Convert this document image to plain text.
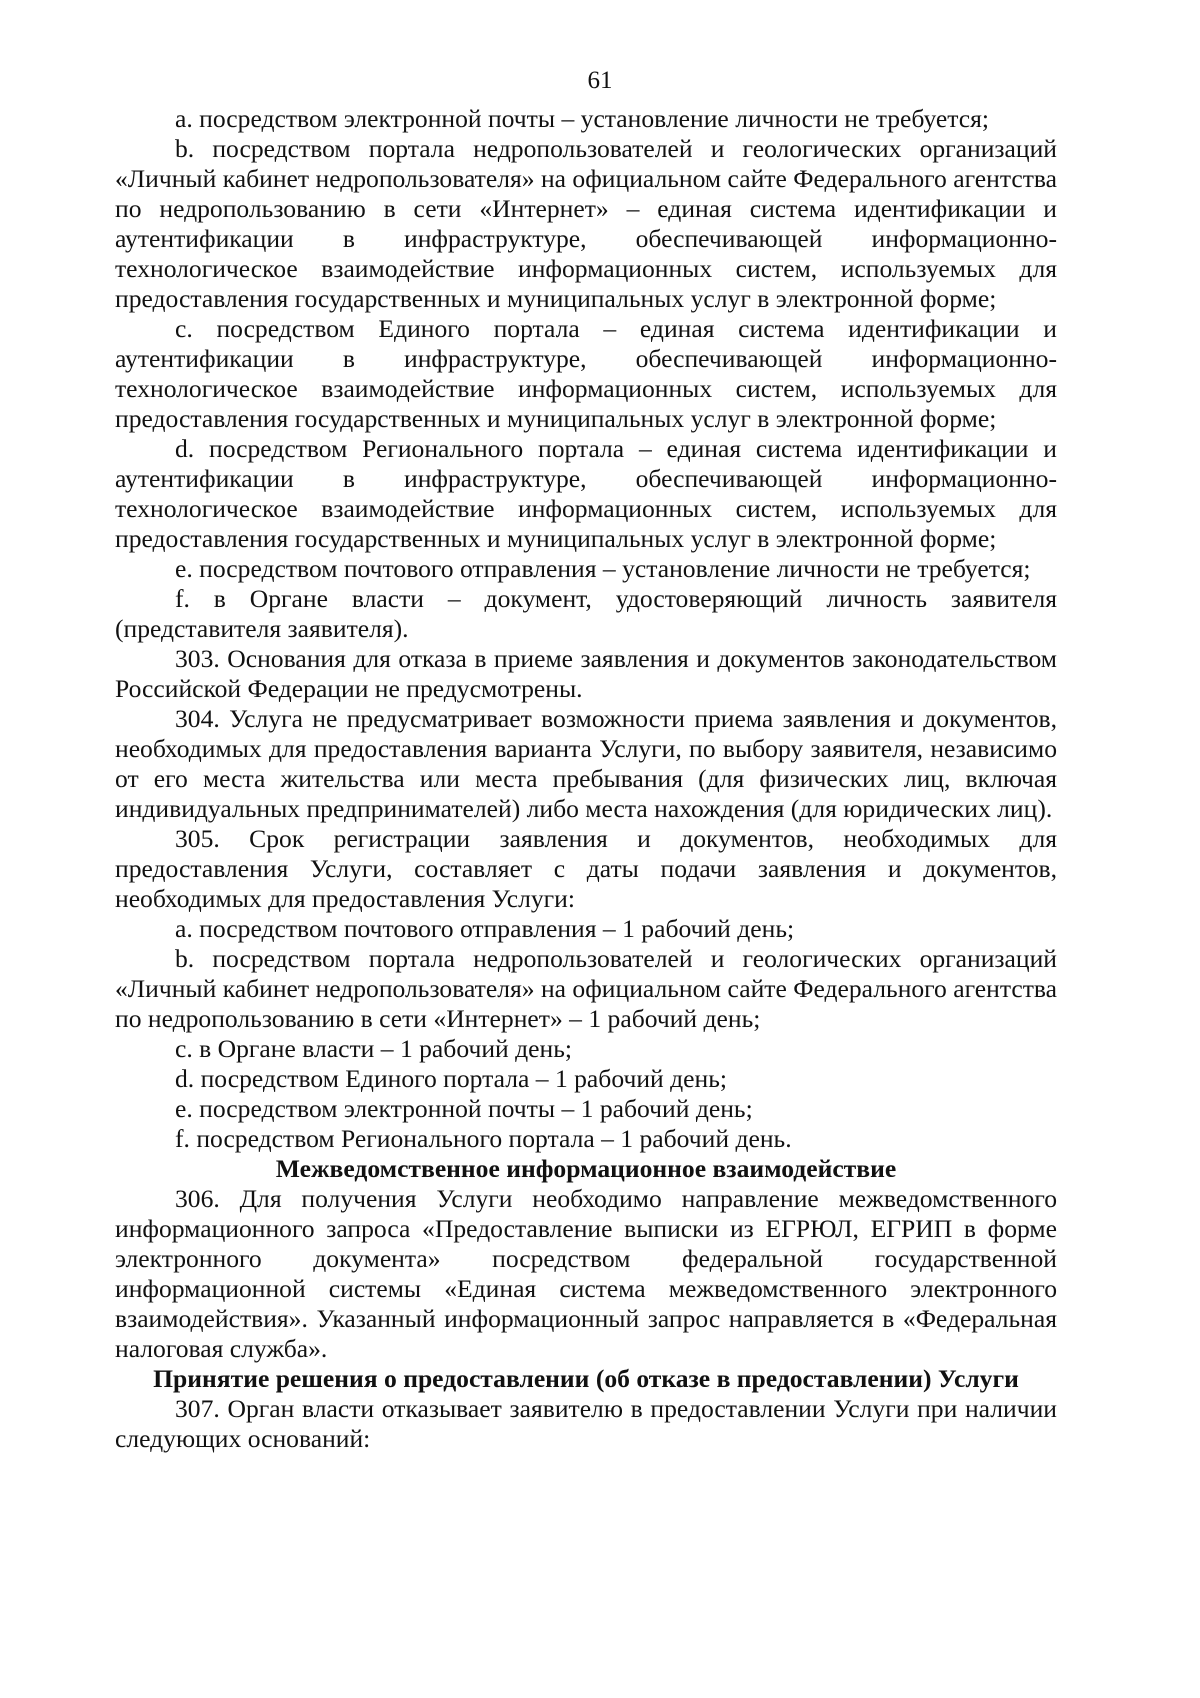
61

a. посредством электронной почты – установление личности не требуется;

b. посредством портала недропользователей и геологических организаций «Личный кабинет недропользователя» на официальном сайте Федерального агентства по недропользованию в сети «Интернет» – единая система идентификации и аутентификации в инфраструктуре, обеспечивающей информационно-технологическое взаимодействие информационных систем, используемых для предоставления государственных и муниципальных услуг в электронной форме;

c. посредством Единого портала – единая система идентификации и аутентификации в инфраструктуре, обеспечивающей информационно-технологическое взаимодействие информационных систем, используемых для предоставления государственных и муниципальных услуг в электронной форме;

d. посредством Регионального портала – единая система идентификации и аутентификации в инфраструктуре, обеспечивающей информационно-технологическое взаимодействие информационных систем, используемых для предоставления государственных и муниципальных услуг в электронной форме;

e. посредством почтового отправления – установление личности не требуется;

f. в Органе власти – документ, удостоверяющий личность заявителя (представителя заявителя).

303. Основания для отказа в приеме заявления и документов законодательством Российской Федерации не предусмотрены.

304. Услуга не предусматривает возможности приема заявления и документов, необходимых для предоставления варианта Услуги, по выбору заявителя, независимо от его места жительства или места пребывания (для физических лиц, включая индивидуальных предпринимателей) либо места нахождения (для юридических лиц).

305. Срок регистрации заявления и документов, необходимых для предоставления Услуги, составляет с даты подачи заявления и документов, необходимых для предоставления Услуги:

a. посредством почтового отправления – 1 рабочий день;

b. посредством портала недропользователей и геологических организаций «Личный кабинет недропользователя» на официальном сайте Федерального агентства по недропользованию в сети «Интернет» – 1 рабочий день;

c. в Органе власти – 1 рабочий день;

d. посредством Единого портала – 1 рабочий день;

e. посредством электронной почты – 1 рабочий день;

f. посредством Регионального портала – 1 рабочий день.

Межведомственное информационное взаимодействие

306. Для получения Услуги необходимо направление межведомственного информационного запроса «Предоставление выписки из ЕГРЮЛ, ЕГРИП в форме электронного документа» посредством федеральной государственной информационной системы «Единая система межведомственного электронного взаимодействия». Указанный информационный запрос направляется в «Федеральная налоговая служба».

Принятие решения о предоставлении (об отказе в предоставлении) Услуги

307. Орган власти отказывает заявителю в предоставлении Услуги при наличии следующих оснований:
